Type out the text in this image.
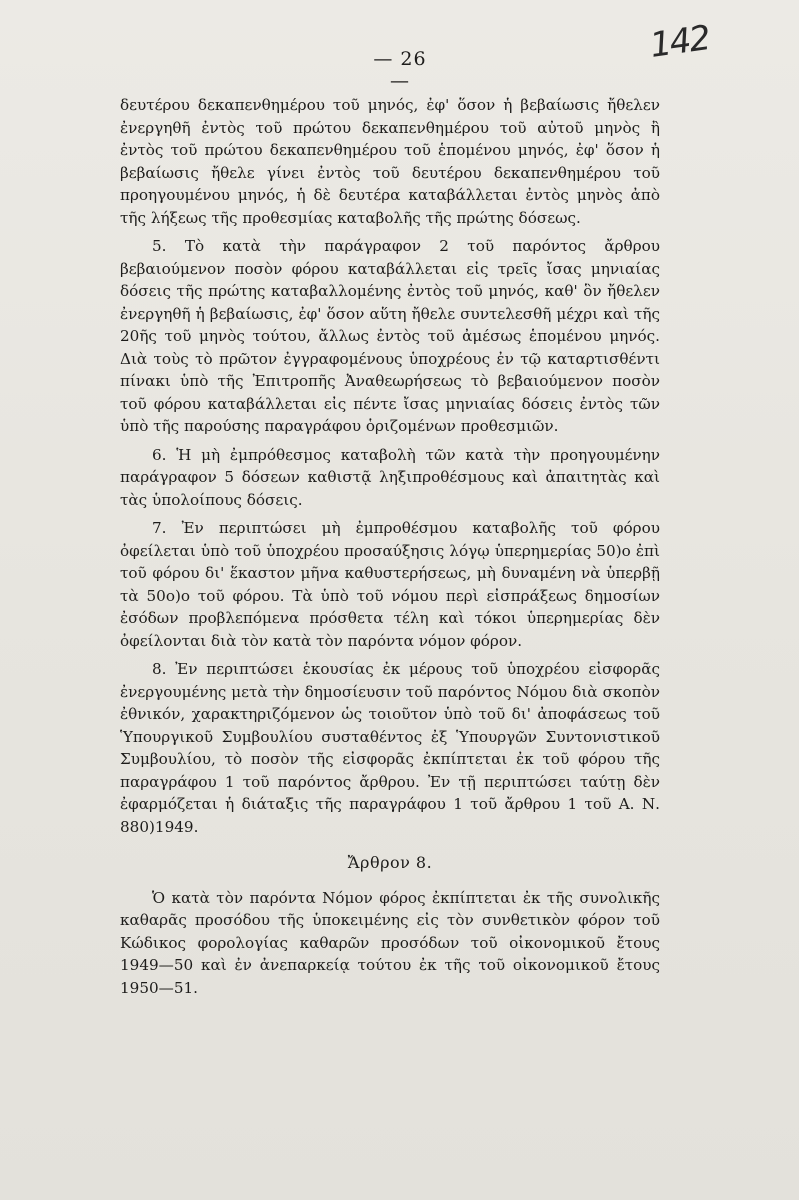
— 26 —
142

δευτέρου δεκαπενθημέρου τοῦ μηνός, ἐφ' ὅσον ἡ βεβαίωσις ἤθελεν ἐνεργηθῆ ἐντὸς τοῦ πρώτου δεκαπενθημέρου τοῦ αὐτοῦ μηνὸς ἢ ἐντὸς τοῦ πρώτου δεκαπενθημέρου τοῦ ἑπομένου μηνός, ἐφ' ὅσον ἡ βεβαίωσις ἤθελε γίνει ἐντὸς τοῦ δευτέρου δεκαπενθημέρου τοῦ προηγουμένου μηνός, ἡ δὲ δευτέρα καταβάλλεται ἐντὸς μηνὸς ἀπὸ τῆς λήξεως τῆς προθεσμίας καταβολῆς τῆς πρώτης δόσεως.

5. Τὸ κατὰ τὴν παράγραφον 2 τοῦ παρόντος ἄρθρου βεβαιούμενον ποσὸν φόρου καταβάλλεται εἰς τρεῖς ἴσας μηνιαίας δόσεις τῆς πρώτης καταβαλλομένης ἐντὸς τοῦ μηνός, καθ' ὃν ἤθελεν ἐνεργηθῆ ἡ βεβαίωσις, ἐφ' ὅσον αὕτη ἤθελε συντελεσθῆ μέχρι καὶ τῆς 20ῆς τοῦ μηνὸς τούτου, ἄλλως ἐντὸς τοῦ ἀμέσως ἑπομένου μηνός. Διὰ τοὺς τὸ πρῶτον ἐγγραφομένους ὑποχρέους ἐν τῷ καταρτισθέντι πίνακι ὑπὸ τῆς Ἐπιτροπῆς Ἀναθεωρήσεως τὸ βεβαιούμενον ποσὸν τοῦ φόρου καταβάλλεται εἰς πέντε ἴσας μηνιαίας δόσεις ἐντὸς τῶν ὑπὸ τῆς παρούσης παραγράφου ὁριζομένων προθεσμιῶν.

6. Ἡ μὴ ἐμπρόθεσμος καταβολὴ τῶν κατὰ τὴν προηγουμένην παράγραφον 5 δόσεων καθιστᾷ ληξιπροθέσμους καὶ ἀπαιτητὰς καὶ τὰς ὑπολοίπους δόσεις.

7. Ἐν περιπτώσει μὴ ἐμπροθέσμου καταβολῆς τοῦ φόρου ὀφείλεται ὑπὸ τοῦ ὑποχρέου προσαύξησις λόγῳ ὑπερημερίας 50)ο ἐπὶ τοῦ φόρου δι' ἕκαστον μῆνα καθυστερήσεως, μὴ δυναμένη νὰ ὑπερβῇ τὰ 50ο)ο τοῦ φόρου. Τὰ ὑπὸ τοῦ νόμου περὶ εἰσπράξεως δημοσίων ἐσόδων προβλεπόμενα πρόσθετα τέλη καὶ τόκοι ὑπερημερίας δὲν ὀφείλονται διὰ τὸν κατὰ τὸν παρόντα νόμον φόρον.

8. Ἐν περιπτώσει ἑκουσίας ἐκ μέρους τοῦ ὑποχρέου εἰσφορᾶς ἐνεργουμένης μετὰ τὴν δημοσίευσιν τοῦ παρόντος Νόμου διὰ σκοπὸν ἐθνικόν, χαρακτηριζόμενον ὡς τοιοῦτον ὑπὸ τοῦ δι' ἀποφάσεως τοῦ Ὑπουργικοῦ Συμβουλίου συσταθέντος ἐξ Ὑπουργῶν Συντονιστικοῦ Συμβουλίου, τὸ ποσὸν τῆς εἰσφορᾶς ἐκπίπτεται ἐκ τοῦ φόρου τῆς παραγράφου 1 τοῦ παρόντος ἄρθρου. Ἐν τῇ περιπτώσει ταύτῃ δὲν ἐφαρμόζεται ἡ διάταξις τῆς παραγράφου 1 τοῦ ἄρθρου 1 τοῦ Α. Ν. 880)1949.

Ἄρθρον 8.

Ὁ κατὰ τὸν παρόντα Νόμον φόρος ἐκπίπτεται ἐκ τῆς συνολικῆς καθαρᾶς προσόδου τῆς ὑποκειμένης εἰς τὸν συνθετικὸν φόρον τοῦ Κώδικος φορολογίας καθαρῶν προσόδων τοῦ οἰκονομικοῦ ἔτους 1949—50 καὶ ἐν ἀνεπαρκείᾳ τούτου ἐκ τῆς τοῦ οἰκονομικοῦ ἔτους 1950—51.
